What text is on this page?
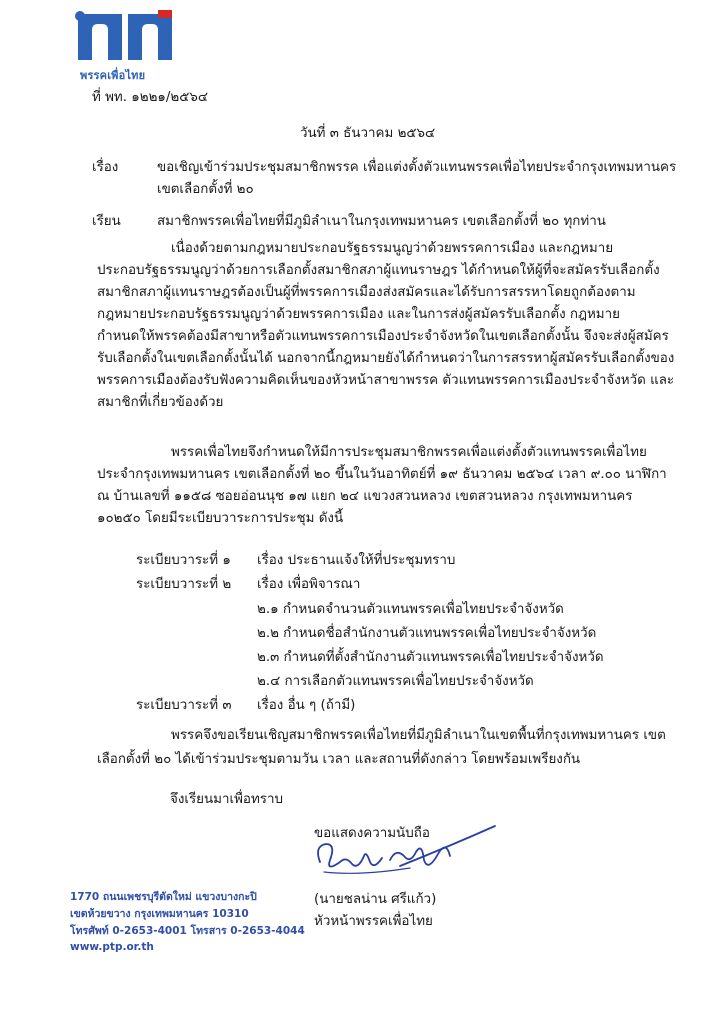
พรรคเพื่อไทย
ที่ พท. ๑๒๒๑/๒๕๖๔
วันที่ ๓ ธันวาคม ๒๕๖๔
เรื่อง	ขอเชิญเข้าร่วมประชุมสมาชิกพรรค เพื่อแต่งตั้งตัวแทนพรรคเพื่อไทยประจำกรุงเทพมหานคร
เขตเลือกตั้งที่ ๒๐
เรียน	สมาชิกพรรคเพื่อไทยที่มีภูมิลำเนาในกรุงเทพมหานคร เขตเลือกตั้งที่ ๒๐ ทุกท่าน
เนื่องด้วยตามกฎหมายประกอบรัฐธรรมนูญว่าด้วยพรรคการเมือง และกฎหมาย
ประกอบรัฐธรรมนูญว่าด้วยการเลือกตั้งสมาชิกสภาผู้แทนราษฎร ได้กำหนดให้ผู้ที่จะสมัครรับเลือกตั้ง
สมาชิกสภาผู้แทนราษฎรต้องเป็นผู้ที่พรรคการเมืองส่งสมัครและได้รับการสรรหาโดยถูกต้องตาม
กฎหมายประกอบรัฐธรรมนูญว่าด้วยพรรคการเมือง และในการส่งผู้สมัครรับเลือกตั้ง กฎหมาย
กำหนดให้พรรคต้องมีสาขาหรือตัวแทนพรรคการเมืองประจำจังหวัดในเขตเลือกตั้งนั้น จึงจะส่งผู้สมัคร
รับเลือกตั้งในเขตเลือกตั้งนั้นได้ นอกจากนี้กฎหมายยังได้กำหนดว่าในการสรรหาผู้สมัครรับเลือกตั้งของ
พรรคการเมืองต้องรับฟังความคิดเห็นของหัวหน้าสาขาพรรค ตัวแทนพรรคการเมืองประจำจังหวัด และ
สมาชิกที่เกี่ยวข้องด้วย
พรรคเพื่อไทยจึงกำหนดให้มีการประชุมสมาชิกพรรคเพื่อแต่งตั้งตัวแทนพรรคเพื่อไทย
ประจำกรุงเทพมหานคร เขตเลือกตั้งที่ ๒๐ ขึ้นในวันอาทิตย์ที่ ๑๙ ธันวาคม ๒๕๖๔ เวลา ๙.๐๐ นาฬิกา
ณ บ้านเลขที่ ๑๑๕๘ ซอยอ่อนนุช ๑๗ แยก ๒๔ แขวงสวนหลวง เขตสวนหลวง กรุงเทพมหานคร
๑๐๒๕๐ โดยมีระเบียบวาระการประชุม ดังนี้
ระเบียบวาระที่ ๑ เรื่อง ประธานแจ้งให้ที่ประชุมทราบ
ระเบียบวาระที่ ๒ เรื่อง เพื่อพิจารณา
๒.๑ กำหนดจำนวนตัวแทนพรรคเพื่อไทยประจำจังหวัด
๒.๒ กำหนดชื่อสำนักงานตัวแทนพรรคเพื่อไทยประจำจังหวัด
๒.๓ กำหนดที่ตั้งสำนักงานตัวแทนพรรคเพื่อไทยประจำจังหวัด
๒.๔ การเลือกตัวแทนพรรคเพื่อไทยประจำจังหวัด
ระเบียบวาระที่ ๓ เรื่อง อื่น ๆ (ถ้ามี)
พรรคจึงขอเรียนเชิญสมาชิกพรรคเพื่อไทยที่มีภูมิลำเนาในเขตพื้นที่กรุงเทพมหานคร เขต
เลือกตั้งที่ ๒๐ ได้เข้าร่วมประชุมตามวัน เวลา และสถานที่ดังกล่าว โดยพร้อมเพรียงกัน
จึงเรียนมาเพื่อทราบ
ขอแสดงความนับถือ
(นายชลน่าน ศรีแก้ว)
หัวหน้าพรรคเพื่อไทย
1770 ถนนเพชรบุรีตัดใหม่ แขวงบางกะปิ
เขตห้วยขวาง กรุงเทพมหานคร 10310
โทรศัพท์ 0-2653-4001 โทรสาร 0-2653-4044
www.ptp.or.th
